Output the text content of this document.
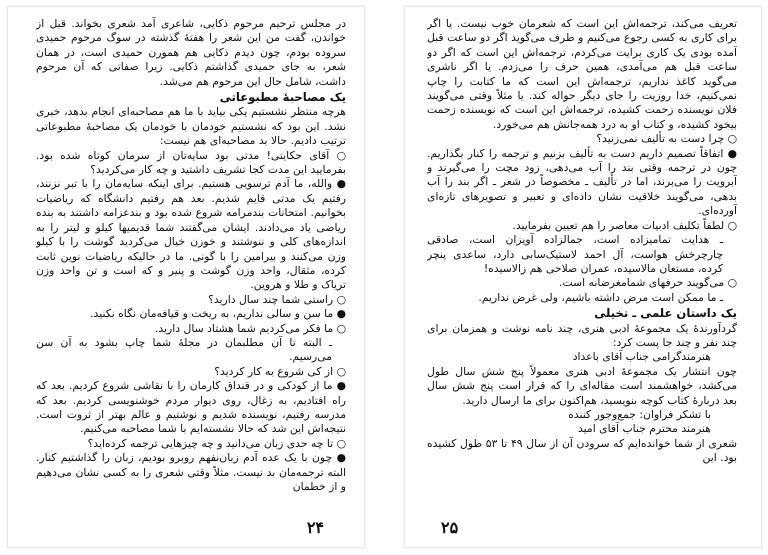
در مجلس ترحیم مرحوم ذکایی، شاعری آمد شعری بخواند. قبل از خواندن، گفت من این شعر را هفتهٔ گذشته در سوگ مرحوم حمیدی سروده بودم، چون دیدم ذکایی هم همورن حمیدی است، در همان شعر، به جای حمیدی گذاشتم ذکایی. زیرا صفاتی که آن مرحوم داشت، شامل حال این مرحوم هم می‌شد.
یک مصاحبهٔ مطبوعاتی
هرچه منتظر نشستیم یکی بیاید با ما هم مصاحبه‌ای انجام بدهد، خبری نشد. این بود که نشستیم خودمان با خودمان یک مصاحبهٔ مطبوعاتی ترتیب دادیم. حالا بد مصاحبه‌ای هم نیست:
○ آقای حکایتی! مدتی بود سایه‌تان از سرمان کوتاه شده بود. بفرمایید این مدت کجا تشریف داشتید و چه کار می‌کردید؟
● والله، ما آدم ترسویی هستیم. برای اینکه سایه‌مان را با تبر نزنند، رفتیم یک مدتی قایم شدیم. بعد هم رفتیم دانشگاه که ریاضیات بخوانیم. امتحانات بندمرامه شروع شده بود و بندعزامه داشتند به بنده ریاضی یاد می‌دادند. ایشان می‌گفتند شما قدیمیها کیلو و لیتر را به اندازه‌های کلی و ننوشتند و خوزن خیال می‌کردید گوشت را با کیلو وزن می‌کنند و بیرامین را با گونی. ما در حالیکه ریاضیات نوین ثابت کرده، مثقال، واحد وزن گوشت و پنیر و که است و تن واحد وزن تریاک و طلا و هروین.
○ راستی شما چند سال دارید؟
● ما سن و سالی نداریم، به ریخت و قیافه‌مان نگاه نکنید.
○ ما فکر می‌کردیم شما هشتاد سال دارید.
ـ البته تا آن مطلبمان در مجلهٔ شما چاپ بشود به آن سن می‌رسیم.
○ از کی شروع به کار کردید؟
● ما از کودکی و در قنداق کارمان را با نقاشی شروع کردیم. بعد که راه افتادیم، به زغال، روی دیوار مردم خوشنویسی کردیم. بعد که مدرسه رفتیم، نویسنده شدیم و نوشتیم و عالم بهتر از ثروت است. نتیجه‌اش این شد که حالا نشسته‌ایم با شما مصاحبه می‌کنیم.
○ تا چه حدی زبان می‌دانید و چه چیزهایی ترجمه کرده‌اید؟
● چون با یک عده آدم زبان‌نفهم روبرو بودیم، زبان را گذاشتیم کنار. البته ترجمه‌مان بد نیست. مثلاً وقتی شعری را به کسی نشان می‌دهیم و از خطمان
۲۴
تعریف می‌کند، ترجمه‌اش این است که شعرمان خوب نیست. یا اگر برای کاری به کسی رجوع می‌کنیم و طرف می‌گوید اگر دو ساعت قبل آمده بودی یک کاری برایت می‌کردم، ترجمه‌اش این است که اگر دو ساعت قبل هم می‌آمدی، همین حرف را می‌زدم. یا اگر ناشری می‌گوید کاغذ نداریم، ترجمه‌اش این است که ما کتابت را چاپ نمی‌کنیم، خدا روزیت را جای دیگر حواله کند. یا مثلاً وقتی می‌گویند فلان نویسنده زحمت کشیده، ترجمه‌اش این است که نویسنده زحمت بیخود کشیده، و کتاب او به درد همه‌جانش هم می‌خورد.
○ چرا دست به تألیف نمی‌زنید؟
● اتفاقاً تصمیم داریم دست به تألیف بزنیم و ترجمه را کنار بگذاریم. چون در ترجمه وقتی بند را آب می‌دهی، زود مچت را می‌گیرند و آبرویت را می‌برند، اما در تألیف ـ مخصوصاً در شعر ـ اگر بند را آب بدهی، می‌گویند خلاقیت نشان داده‌ای و تعبیر و تصویرهای تازه‌ای آورده‌ای.
○ لطفاً تکلیف ادبیات معاصر را هم تعیین بفرمایید.
ـ هدایت تمامیزاده است، جمالزاده آویزان است، صادقی چارچرخش هواست، آل احمد لاستیک‌سابی دارد، ساعدی پنچر کرده، مستعان مالاسیده، عمران صلاحی هم زالاسیده!
○ می‌گویند حرفهای شما‌مغرضانه است.
ـ ما ممکن است مرض داشته باشیم، ولی غرض نداریم.
یک داستان علمی ـ تخیلی
گردآورندهٔ یک مجموعهٔ ادبی هنری، چند نامه نوشت و همزمان برای چند نفر و چند جا پست کرد:
هنرمندگرامی جناب آقای باعداد
چون انتشار یک مجموعهٔ ادبی هنری معمولاً پنج شش سال طول می‌کشد، خواهشمند است مقاله‌ای را که قرار است پنج شش سال بعد دربارهٔ کتاب کوچه بنویسید، هم‌اکنون برای ما ارسال دارید.
با تشکر فراوان: جمع‌وجور کننده
هنرمند محترم جناب آقای امید
شعری از شما خوانده‌ایم که سرودن آن از سال ۴۹ تا ۵۳ طول کشیده بود. این
۲۵
